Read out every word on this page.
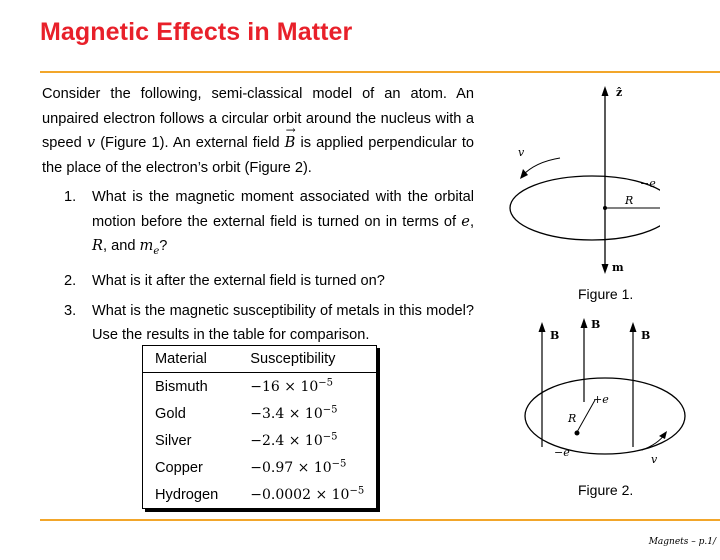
Magnetic Effects in Matter
Consider the following, semi-classical model of an atom. An unpaired electron follows a circular orbit around the nucleus with a speed v (Figure 1). An external field → B is applied perpendicular to the place of the electron’s orbit (Figure 2).
1. What is the magnetic moment associated with the orbital motion before the external field is turned on in terms of e, R, and $m_e$?
2. What is it after the external field is turned on?
3. What is the magnetic susceptibility of metals in this model? Use the results in the table for comparison.
Material	Susceptibility
Bismuth	$-16 \times 10^{-5}$
Gold	$-3.4 \times 10^{-5}$
Silver	$-2.4 \times 10^{-5}$
Copper	$-0.97 \times 10^{-5}$
Hydrogen	$-0.0002 \times 10^{-5}$
ẑ
v
R
−e
m
Figure 1.
B
B
B
+e
R
−e
v
Figure 2.
Magnets – p.1/
